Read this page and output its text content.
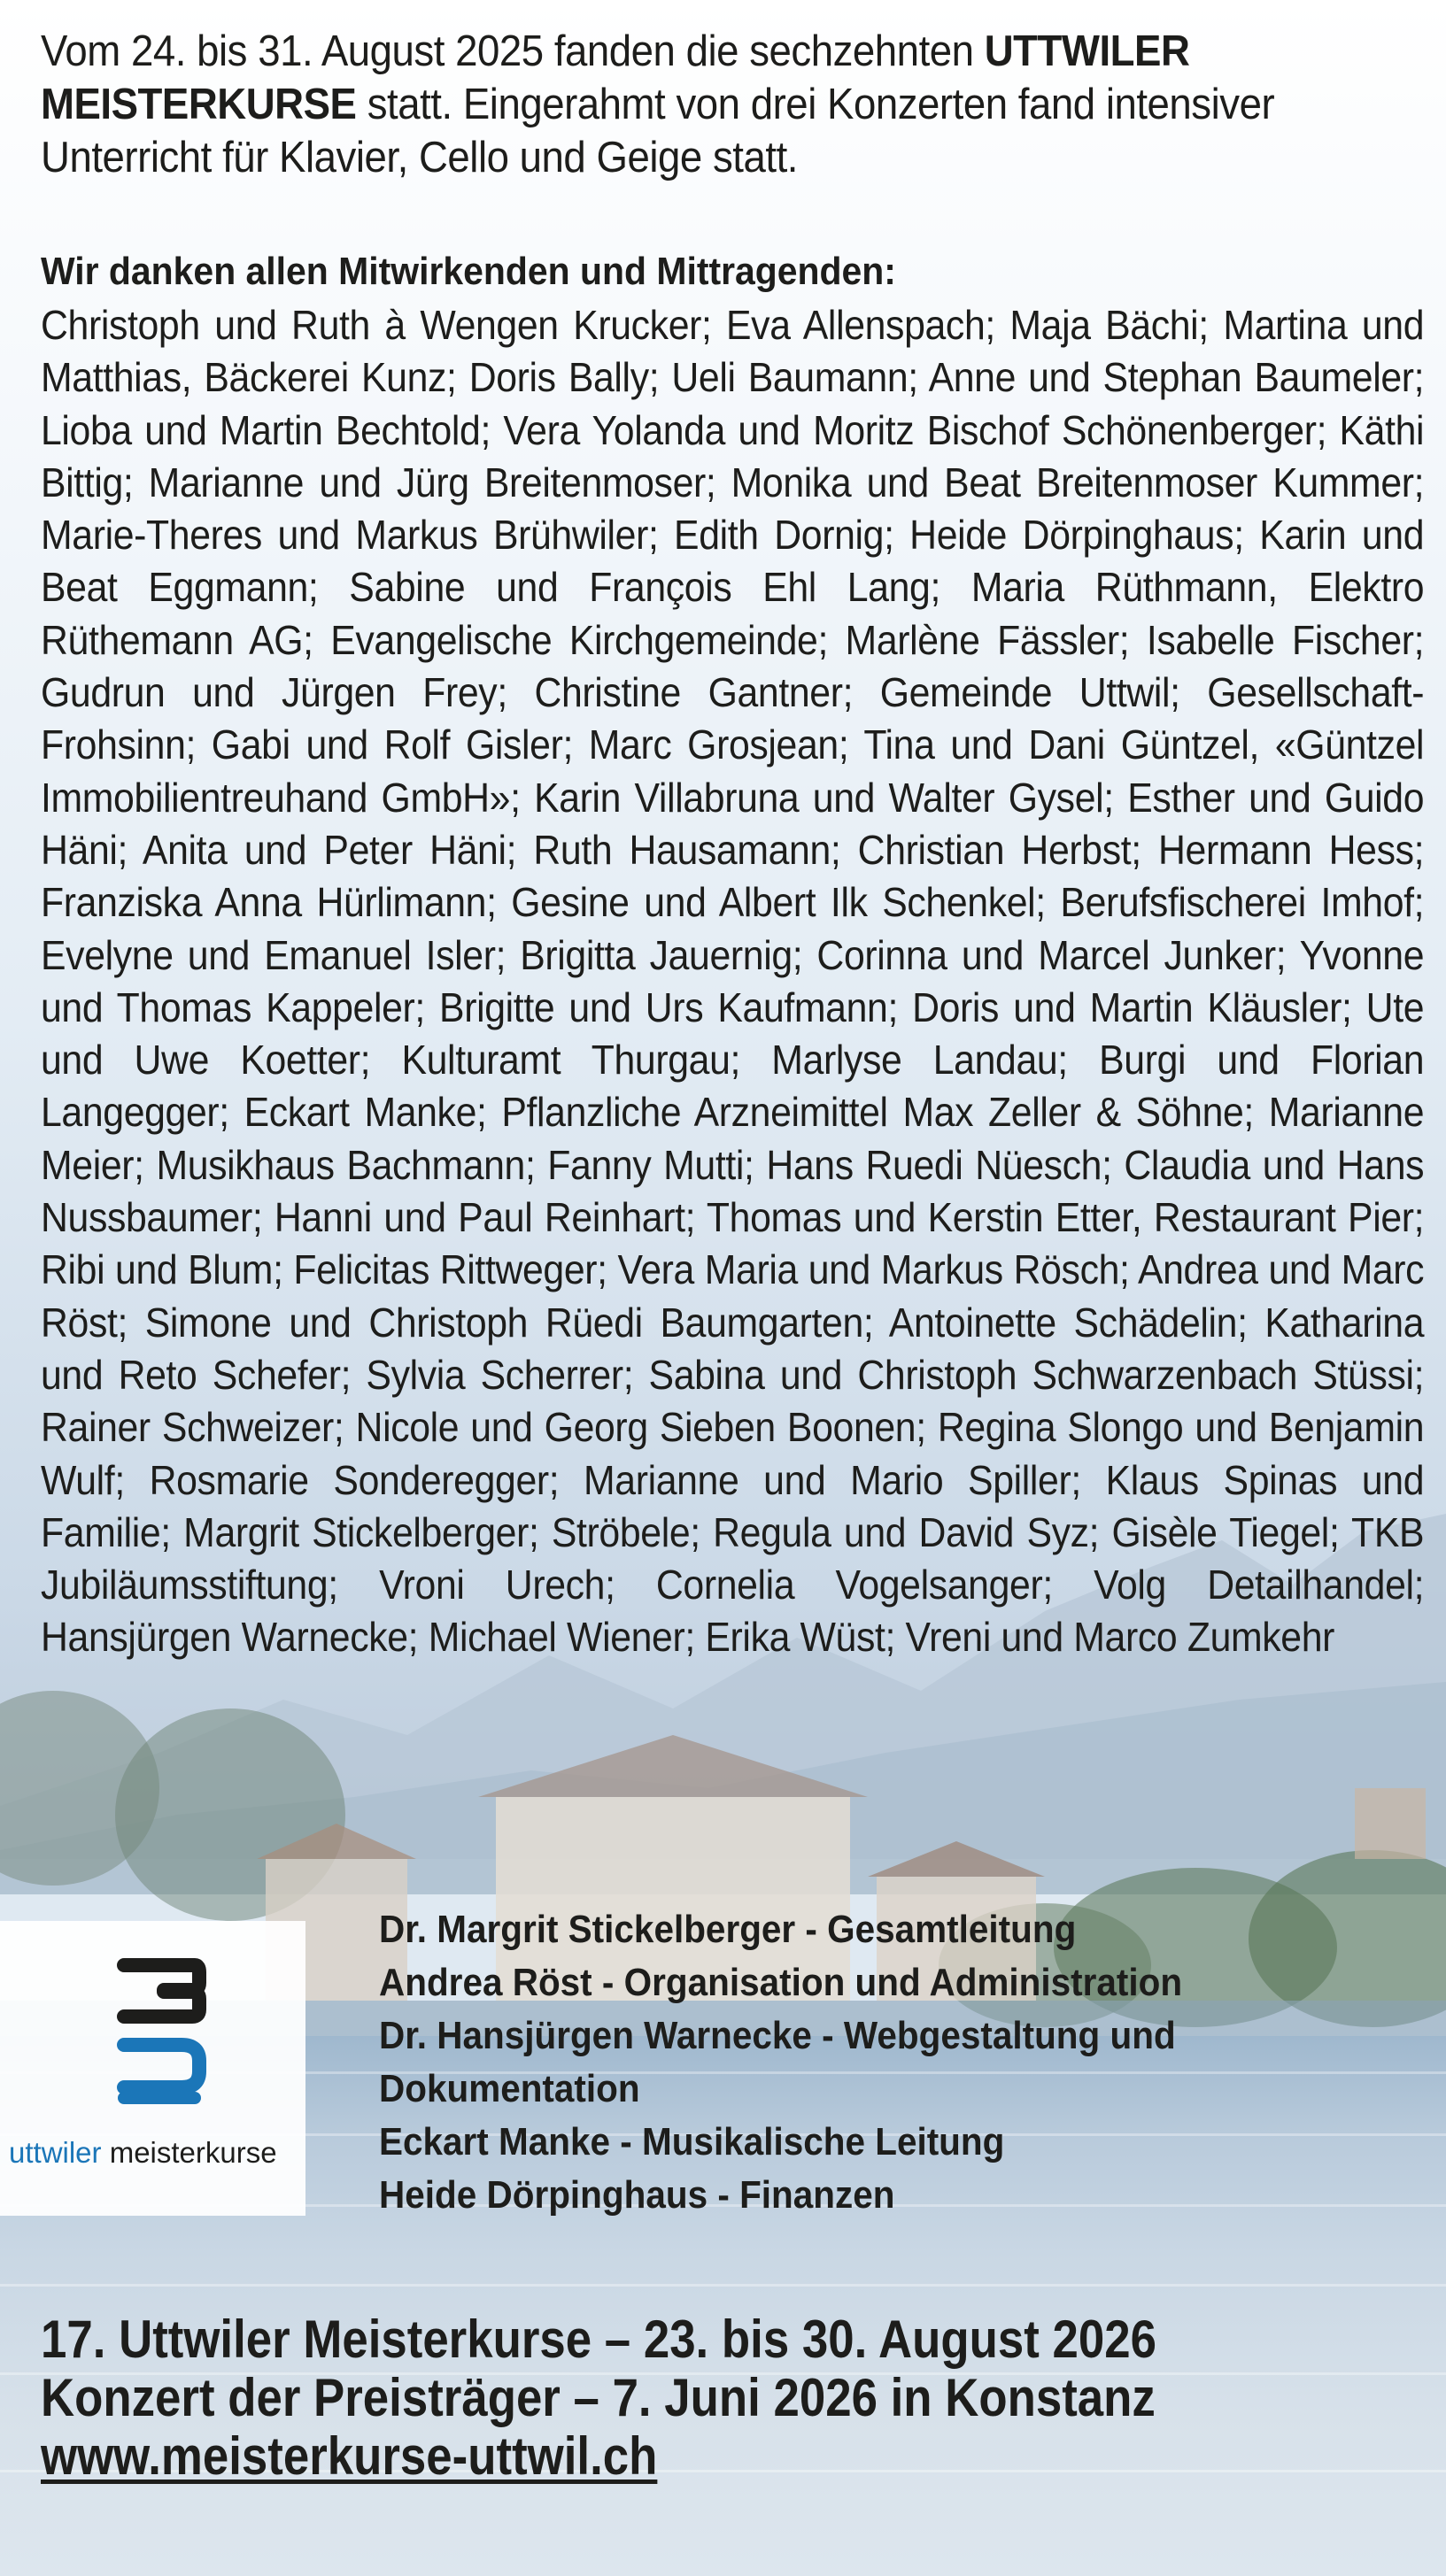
Vom 24. bis 31. August 2025 fanden die sechzehnten UTTWILER MEISTERKURSE statt. Eingerahmt von drei Konzerten fand intensiver Unterricht für Klavier, Cello und Geige statt.
Wir danken allen Mitwirkenden und Mittragenden:
Christoph und Ruth à Wengen Krucker; Eva Allenspach; Maja Bächi; Martina und Matthias, Bäckerei Kunz; Doris Bally; Ueli Baumann; Anne und Stephan Baumeler; Lioba und Martin Bechtold; Vera Yolanda und Moritz Bischof Schönenberger; Käthi Bittig; Marianne und Jürg Breitenmoser; Monika und Beat Breitenmoser Kummer; Marie-Theres und Markus Brühwiler; Edith Dornig; Heide Dörpinghaus; Karin und Beat Eggmann; Sabine und François Ehl Lang; Maria Rüthmann, Elektro Rüthemann AG; Evangelische Kirchgemeinde; Marlène Fässler; Isabelle Fischer; Gudrun und Jürgen Frey; Christine Gantner; Gemeinde Uttwil; Gesellschaft-Frohsinn; Gabi und Rolf Gisler; Marc Grosjean; Tina und Dani Güntzel, «Güntzel Immobilientreuhand GmbH»; Karin Villabruna und Walter Gysel; Esther und Guido Häni; Anita und Peter Häni; Ruth Hausamann; Christian Herbst; Hermann Hess; Franziska Anna Hürlimann; Gesine und Albert Ilk Schenkel; Berufsfischerei Imhof; Evelyne und Emanuel Isler; Brigitta Jauernig; Corinna und Marcel Junker; Yvonne und Thomas Kappeler; Brigitte und Urs Kaufmann; Doris und Martin Kläusler; Ute und Uwe Koetter; Kulturamt Thurgau; Marlyse Landau; Burgi und Florian Langegger; Eckart Manke; Pflanzliche Arzneimittel Max Zeller & Söhne; Marianne Meier; Musikhaus Bachmann; Fanny Mutti; Hans Ruedi Nüesch; Claudia und Hans Nussbaumer; Hanni und Paul Reinhart; Thomas und Kerstin Etter, Restaurant Pier; Ribi und Blum; Felicitas Rittweger; Vera Maria und Markus Rösch; Andrea und Marc Röst; Simone und Christoph Rüedi Baumgarten; Antoinette Schädelin; Katharina und Reto Schefer; Sylvia Scherrer; Sabina und Christoph Schwarzenbach Stüssi; Rainer Schweizer; Nicole und Georg Sieben Boonen; Regina Slongo und Benjamin Wulf; Rosmarie Sonderegger; Marianne und Mario Spiller; Klaus Spinas und Familie; Margrit Stickelberger; Ströbele; Regula und David Syz; Gisèle Tiegel; TKB Jubiläumsstiftung; Vroni Urech; Cornelia Vogelsanger; Volg Detailhandel; Hansjürgen Warnecke; Michael Wiener; Erika Wüst; Vreni und Marco Zumkehr
uttwiler meisterkurse
Dr. Margrit Stickelberger - Gesamtleitung
Andrea Röst - Organisation und Administration
Dr. Hansjürgen Warnecke - Webgestaltung und
Dokumentation
Eckart Manke - Musikalische Leitung
Heide Dörpinghaus - Finanzen
17. Uttwiler Meisterkurse – 23. bis 30. August 2026
Konzert der Preisträger – 7. Juni 2026 in Konstanz
www.meisterkurse-uttwil.ch
